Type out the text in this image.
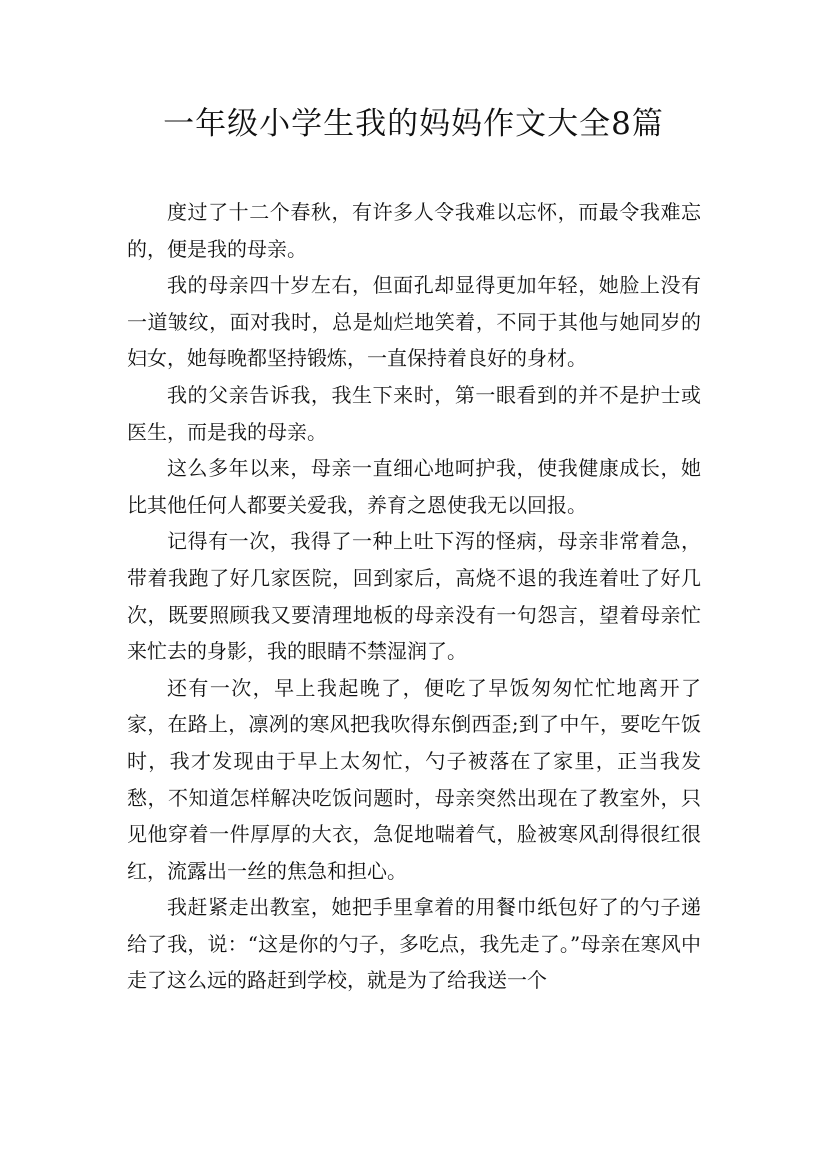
一年级小学生我的妈妈作文大全8篇

度过了十二个春秋，有许多人令我难以忘怀，而最令我难忘的，便是我的母亲。

我的母亲四十岁左右，但面孔却显得更加年轻，她脸上没有一道皱纹，面对我时，总是灿烂地笑着，不同于其他与她同岁的妇女，她每晚都坚持锻炼，一直保持着良好的身材。

我的父亲告诉我，我生下来时，第一眼看到的并不是护士或医生，而是我的母亲。

这么多年以来，母亲一直细心地呵护我，使我健康成长，她比其他任何人都要关爱我，养育之恩使我无以回报。

记得有一次，我得了一种上吐下泻的怪病，母亲非常着急，带着我跑了好几家医院，回到家后，高烧不退的我连着吐了好几次，既要照顾我又要清理地板的母亲没有一句怨言，望着母亲忙来忙去的身影，我的眼睛不禁湿润了。

还有一次，早上我起晚了，便吃了早饭匆匆忙忙地离开了家，在路上，凛冽的寒风把我吹得东倒西歪;到了中午，要吃午饭时，我才发现由于早上太匆忙，勺子被落在了家里，正当我发愁，不知道怎样解决吃饭问题时，母亲突然出现在了教室外，只见他穿着一件厚厚的大衣，急促地喘着气，脸被寒风刮得很红很红，流露出一丝的焦急和担心。

我赶紧走出教室，她把手里拿着的用餐巾纸包好了的勺子递给了我，说：“这是你的勺子，多吃点，我先走了。”母亲在寒风中走了这么远的路赶到学校，就是为了给我送一个
